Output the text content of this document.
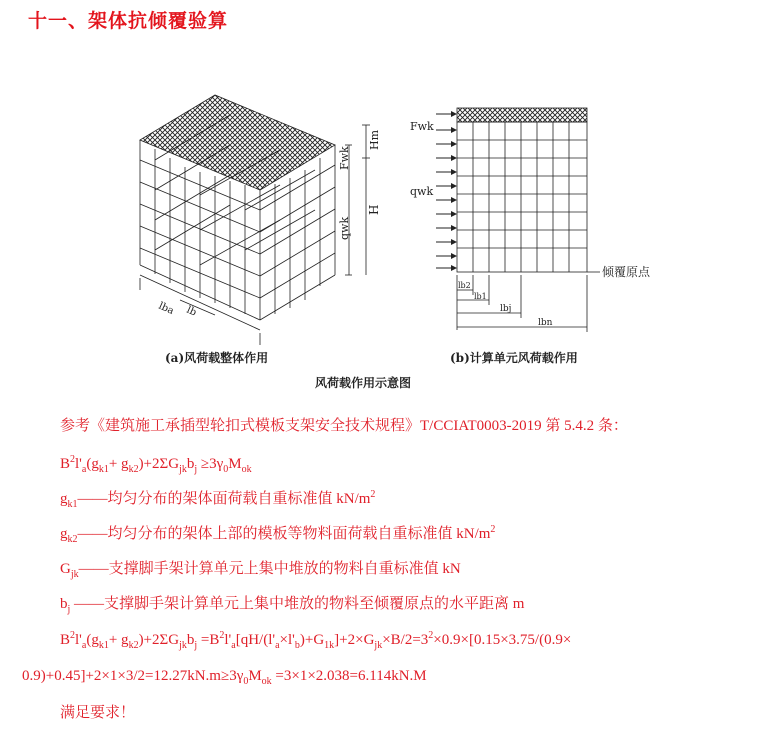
十一、架体抗倾覆验算
Fwk
qwk
Hm
H
lba lb
Fwk
qwk
倾覆原点
lb2
lb1
lbj
lbn
(a)风荷载整体作用	(b)计算单元风荷载作用
风荷载作用示意图
参考《建筑施工承插型轮扣式模板支架安全技术规程》T/CCIAT0003-2019 第 5.4.2 条：
$B^2l'_a(g_{k1}+ g_{k2})+2\Sigma G_{jk}b_j \ge 3\gamma_0M_{ok}$
$g_{k1}——$均匀分布的架体面荷载自重标准值 $kN/m^2$
$g_{k2}——$均匀分布的架体上部的模板等物料面荷载自重标准值 $kN/m^2$
$G_{jk}——$支撑脚手架计算单元上集中堆放的物料自重标准值 kN
$b_j$ ——支撑脚手架计算单元上集中堆放的物料至倾覆原点的水平距离 m
$B^2l'_a(g_{k1}+ g_{k2})+2\Sigma G_{jk}b_j =B^2l'_a[qH/(l'_a\times l'_b)+G_{1k}]+2\times G_{jk}\times B/2=3^2\times 0.9\times[0.15\times 3.75/(0.9\times$
$0.9)+0.45]+2\times 1\times 3/2=12.27kN.m\ge 3\gamma_0M_{ok} =3\times 1\times 2.038=6.114kN.M$
满足要求！
